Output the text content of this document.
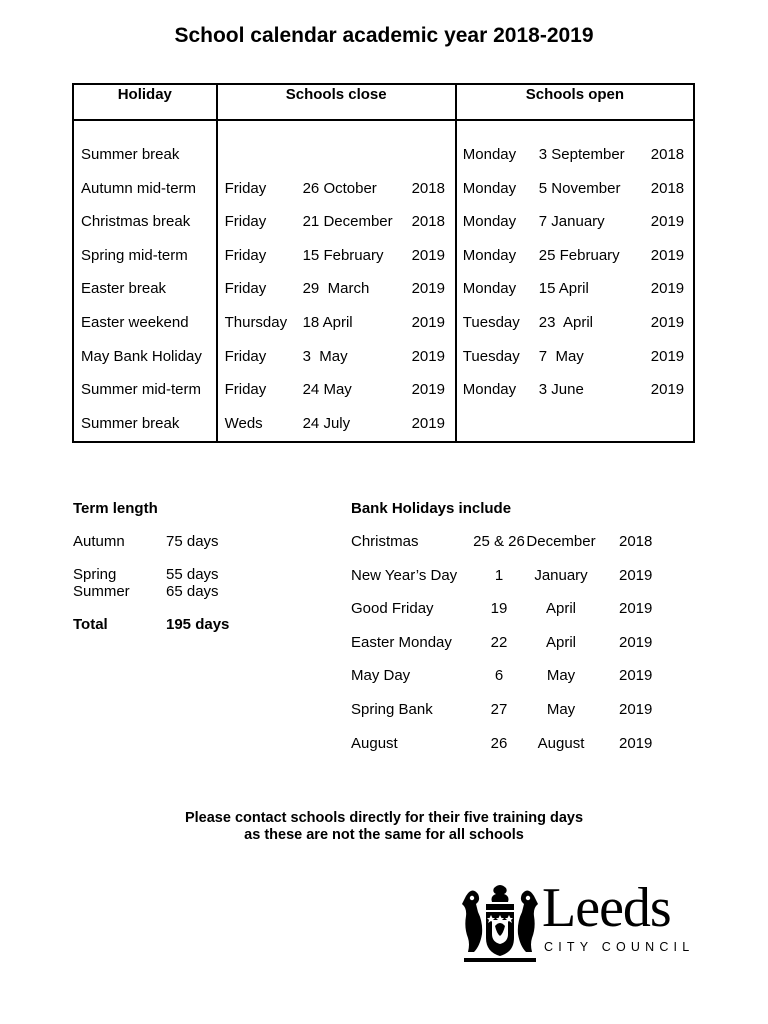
School calendar academic year 2018-2019
Holiday	Schools close	Schools open

Summer break		Monday 3 September 2018

Autumn mid-term	Friday 26 October 2018	Monday 5 November 2018

Christmas break	Friday 21 December 2018	Monday 7 January 2019

Spring mid-term	Friday 15 February 2019	Monday 25 February 2019

Easter break	Friday 29  March 2019	Monday 15 April 2019

Easter weekend	Thursday 18 April 2019	Tuesday 23  April 2019

May Bank Holiday	Friday 3  May 2019	Tuesday 7  May 2019

Summer mid-term	Friday 24 May 2019	Monday 3 June 2019

Summer break	Weds 24 July 2019	

Term length
Autumn	75 days
Spring	55 days
Summer 65 days
Total	195 days
Bank Holidays include
Christmas	25 & 26 December 2018
New Year’s Day	1 January 2019
Good Friday	19	April	2019
Easter Monday	22	April	2019
May Day	6	May	2019
Spring Bank	27	May	2019
August	26 August 2019
Please contact schools directly for their five training days
as these are not the same for all schools
Leeds
CITY COUNCIL
